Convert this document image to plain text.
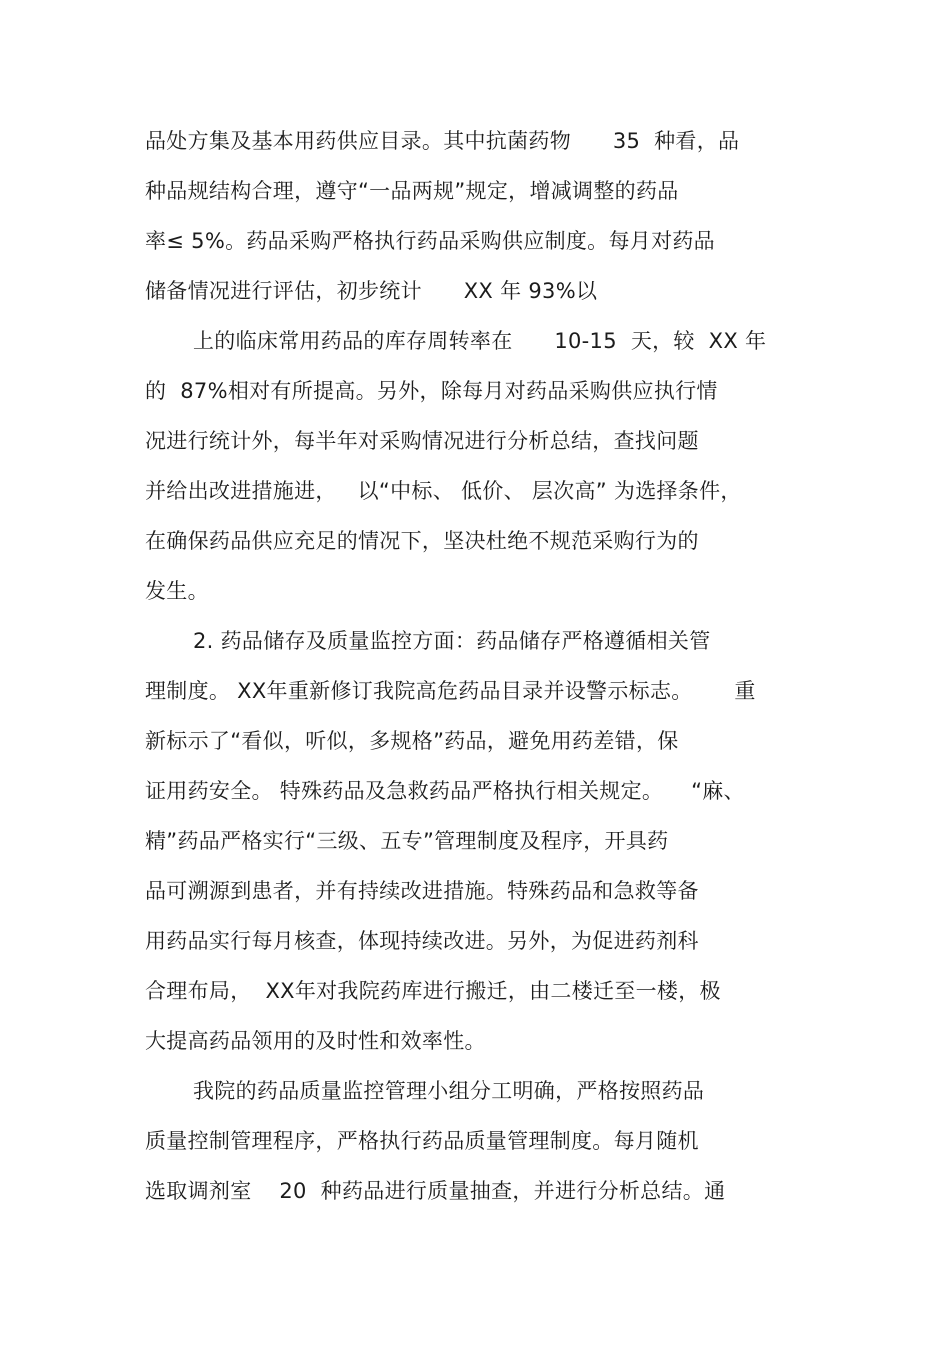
品处方集及基本用药供应目录。其中抗菌药物      35  种看，品
种品规结构合理，遵守“一品两规”规定，增减调整的药品
率≤ 5%。药品采购严格执行药品采购供应制度。每月对药品
储备情况进行评估，初步统计      XX 年 93%以
上的临床常用药品的库存周转率在      10-15  天，较  XX 年
的  87%相对有所提高。另外，除每月对药品采购供应执行情
况进行统计外，每半年对采购情况进行分析总结，查找问题
并给出改进措施进，   以“中标、 低价、 层次高” 为选择条件，
在确保药品供应充足的情况下，坚决杜绝不规范采购行为的
发生。
2. 药品储存及质量监控方面：药品储存严格遵循相关管
理制度。 XX年重新修订我院高危药品目录并设警示标志。      重
新标示了“看似，听似，多规格”药品，避免用药差错，保
证用药安全。 特殊药品及急救药品严格执行相关规定。    “麻、
精”药品严格实行“三级、五专”管理制度及程序，开具药
品可溯源到患者，并有持续改进措施。特殊药品和急救等备
用药品实行每月核查，体现持续改进。另外，为促进药剂科
合理布局，  XX年对我院药库进行搬迁，由二楼迁至一楼，极
大提高药品领用的及时性和效率性。
我院的药品质量监控管理小组分工明确，严格按照药品
质量控制管理程序，严格执行药品质量管理制度。每月随机
选取调剂室    20  种药品进行质量抽查，并进行分析总结。通
